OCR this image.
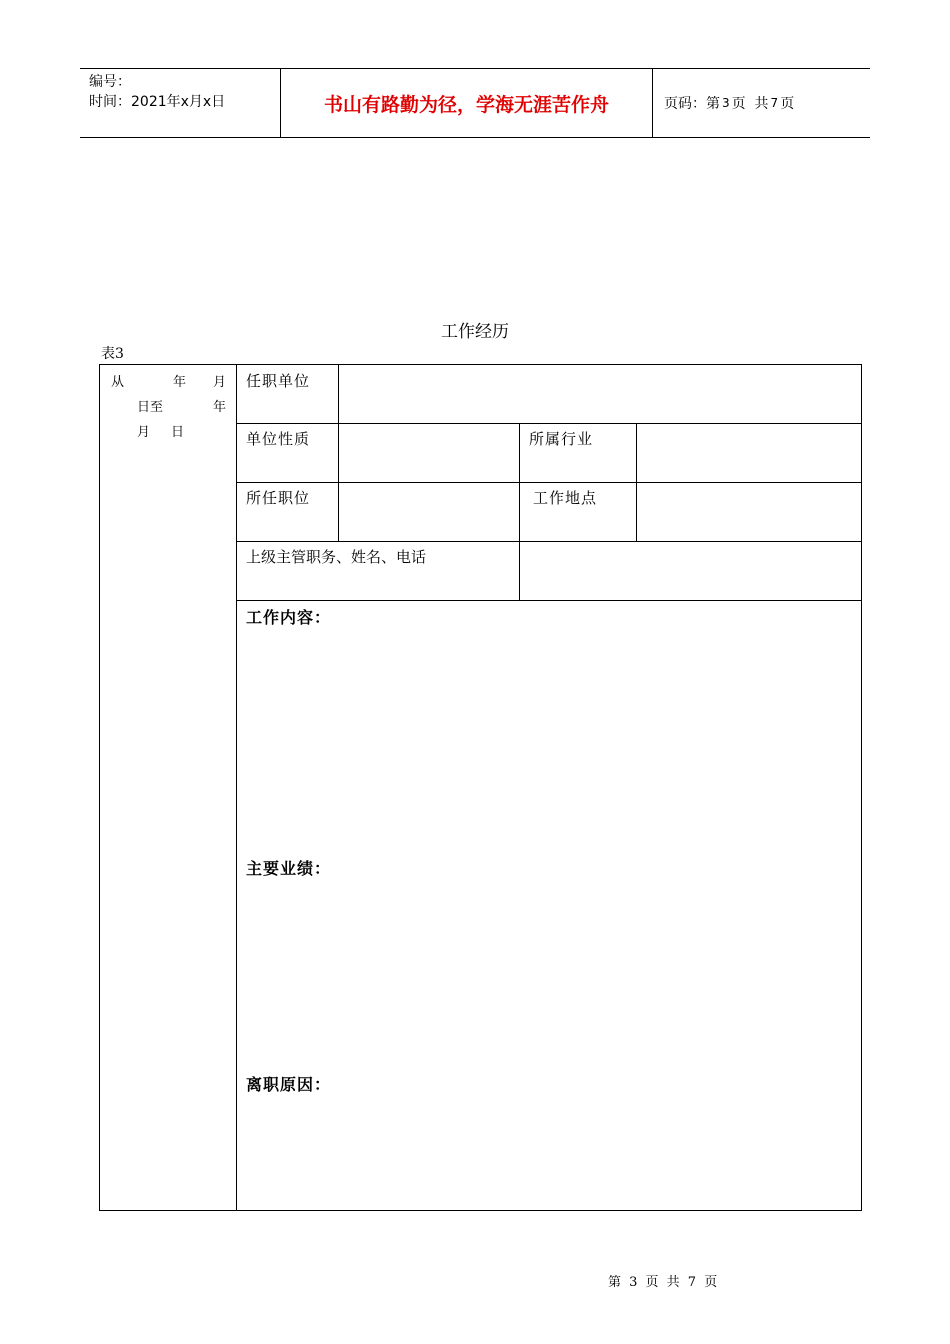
编号：
时间：2021年x月x日	书山有路勤为径，学海无涯苦作舟	页码：第 3 页  共 7 页
工作经历
表3
从	年 月
日至	年
月 日
任职单位
单位性质	所属行业
所任职位	工作地点
上级主管职务、姓名、电话
工作内容：
主要业绩：
离职原因：
第 3 页 共 7 页
